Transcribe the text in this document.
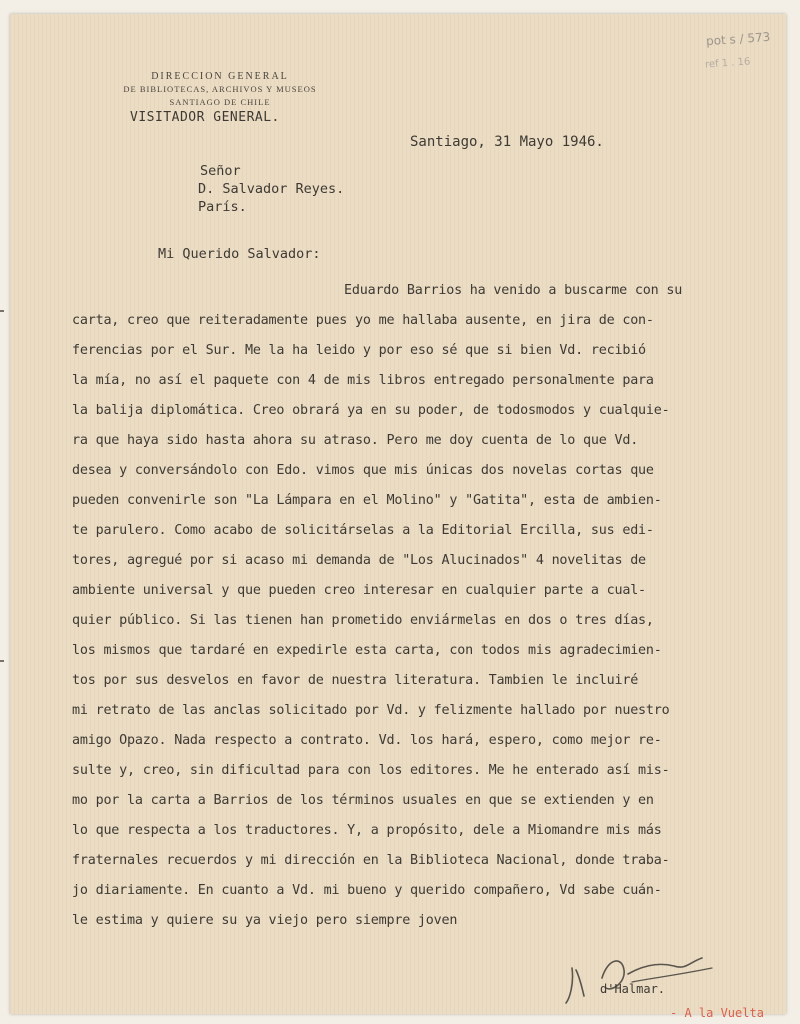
pot s / 573
ref 1 . 16
DIRECCION GENERAL
DE BIBLIOTECAS, ARCHIVOS Y MUSEOS
SANTIAGO DE CHILE
VISITADOR GENERAL.
Santiago, 31 Mayo 1946.
Señor
D. Salvador Reyes.
París.
Mi Querido Salvador:
Eduardo Barrios ha venido a buscarme con su
carta, creo que reiteradamente pues yo me hallaba ausente, en jira de con-
ferencias por el Sur. Me la ha leido y por eso sé que si bien Vd. recibió
la mía, no así el paquete con 4 de mis libros entregado personalmente para
la balija diplomática. Creo obrará ya en su poder, de todosmodos y cualquie-
ra que haya sido hasta ahora su atraso. Pero me doy cuenta de lo que Vd.
desea y conversándolo con Edo. vimos que mis únicas dos novelas cortas que
pueden convenirle son "La Lámpara en el Molino" y "Gatita", esta de ambien-
te parulero. Como acabo de solicitárselas a la Editorial Ercilla, sus edi-
tores, agregué por si acaso mi demanda de "Los Alucinados" 4 novelitas de
ambiente universal y que pueden creo interesar en cualquier parte a cual-
quier público. Si las tienen han prometido enviármelas en dos o tres días,
los mismos que tardaré en expedirle esta carta, con todos mis agradecimien-
tos por sus desvelos en favor de nuestra literatura. Tambien le incluiré
mi retrato de las anclas solicitado por Vd. y felizmente hallado por nuestro
amigo Opazo. Nada respecto a contrato. Vd. los hará, espero, como mejor re-
sulte y, creo, sin dificultad para con los editores. Me he enterado así mis-
mo por la carta a Barrios de los términos usuales en que se extienden y en
lo que respecta a los traductores. Y, a propósito, dele a Miomandre mis más
fraternales recuerdos y mi dirección en la Biblioteca Nacional, donde traba-
jo diariamente. En cuanto a Vd. mi bueno y querido compañero, Vd sabe cuán-
le estima y quiere su ya viejo pero siempre joven
d'Halmar.
- A la Vuelta
